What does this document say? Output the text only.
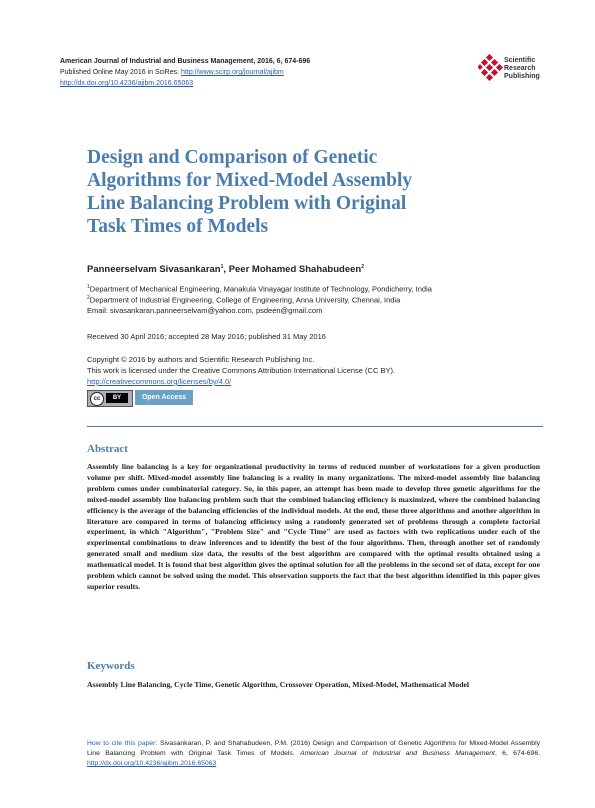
American Journal of Industrial and Business Management, 2016, 6, 674-696
Published Online May 2016 in SciRes. http://www.scirp.org/journal/ajibm
http://dx.doi.org/10.4236/ajibm.2016.65063
Scientific
Research
Publishing
Design and Comparison of Genetic Algorithms for Mixed-Model Assembly Line Balancing Problem with Original Task Times of Models
Panneerselvam Sivasankaran$^1$, Peer Mohamed Shahabudeen$^2$
$^1$Department of Mechanical Engineering, Manakula Vinayagar Institute of Technology, Pondicherry, India
$^2$Department of Industrial Engineering, College of Engineering, Anna University, Chennai, India
Email: sivasankaran.panneerselvam@yahoo.com, psdeen@gmail.com
Received 30 April 2016; accepted 28 May 2016; published 31 May 2016
Copyright © 2016 by authors and Scientific Research Publishing Inc.
This work is licensed under the Creative Commons Attribution International License (CC BY).
http://creativecommons.org/licenses/by/4.0/
cc	BY	Open Access
Abstract
Assembly line balancing is a key for organizational productivity in terms of reduced number of workstations for a given production volume per shift. Mixed-model assembly line balancing is a reality in many organizations. The mixed-model assembly line balancing problem comes under combinatorial category. So, in this paper, an attempt has been made to develop three genetic algorithms for the mixed-model assembly line balancing problem such that the combined balancing efficiency is maximized, where the combined balancing efficiency is the average of the balancing efficiencies of the individual models. At the end, these three algorithms and another algorithm in literature are compared in terms of balancing efficiency using a randomly generated set of problems through a complete factorial experiment, in which "Algorithm", "Problem Size" and "Cycle Time" are used as factors with two replications under each of the experimental combinations to draw inferences and to identify the best of the four algorithms. Then, through another set of randomly generated small and medium size data, the results of the best algorithm are compared with the optimal results obtained using a mathematical model. It is found that best algorithm gives the optimal solution for all the problems in the second set of data, except for one problem which cannot be solved using the model. This observation supports the fact that the best algorithm identified in this paper gives superior results.
Keywords
Assembly Line Balancing, Cycle Time, Genetic Algorithm, Crossover Operation, Mixed-Model, Mathematical Model
How to cite this paper: Sivasankaran, P. and Shahabudeen, P.M. (2016) Design and Comparison of Genetic Algorithms for Mixed-Model Assembly Line Balancing Problem with Original Task Times of Models. American Journal of Industrial and Business Management, 6, 674-696. http://dx.doi.org/10.4236/ajibm.2016.65063
